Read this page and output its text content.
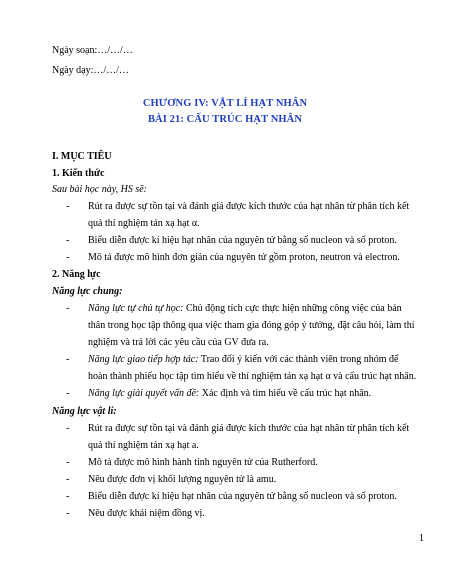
Ngày soạn:…/…/…
Ngày dạy:…/…/…
CHƯƠNG IV: VẬT LÍ HẠT NHÂN
BÀI 21: CẤU TRÚC HẠT NHÂN
I. MỤC TIÊU
1. Kiến thức
Sau bài học này, HS sẽ:
- Rút ra được sự tồn tại và đánh giá được kích thước của hạt nhân từ phân tích kết
quả thí nghiệm tán xạ hạt α.
- Biểu diễn được kí hiệu hạt nhân của nguyên tử bằng số nucleon và số proton.
- Mô tả được mô hình đơn giản của nguyên tử gồm proton, neutron và electron.
2. Năng lực
Năng lực chung:
- Năng lực tự chủ tự học: Chủ động tích cực thực hiện những công việc của bản
thân trong học tập thông qua việc tham gia đóng góp ý tưởng, đặt câu hỏi, làm thí
nghiệm và trả lời các yêu cầu của GV đưa ra.
- Năng lực giao tiếp hợp tác: Trao đổi ý kiến với các thành viên trong nhóm để
hoàn thành phiếu học tập tìm hiểu về thí nghiệm tán xạ hạt α và cấu trúc hạt nhân.
- Năng lực giải quyết vấn đề: Xác định và tìm hiểu về cấu trúc hạt nhân.
Năng lực vật lí:
- Rút ra được sự tồn tại và đánh giá được kích thước của hạt nhân từ phân tích kết
quả thí nghiệm tán xạ hạt a.
- Mô tả được mô hình hành tinh nguyên tử của Rutherford.
- Nêu được đơn vị khối lượng nguyên tử là amu.
- Biểu diễn được kí hiệu hạt nhân của nguyên tử bằng số nucleon và số proton.
- Nêu được khái niệm đồng vị.
1
